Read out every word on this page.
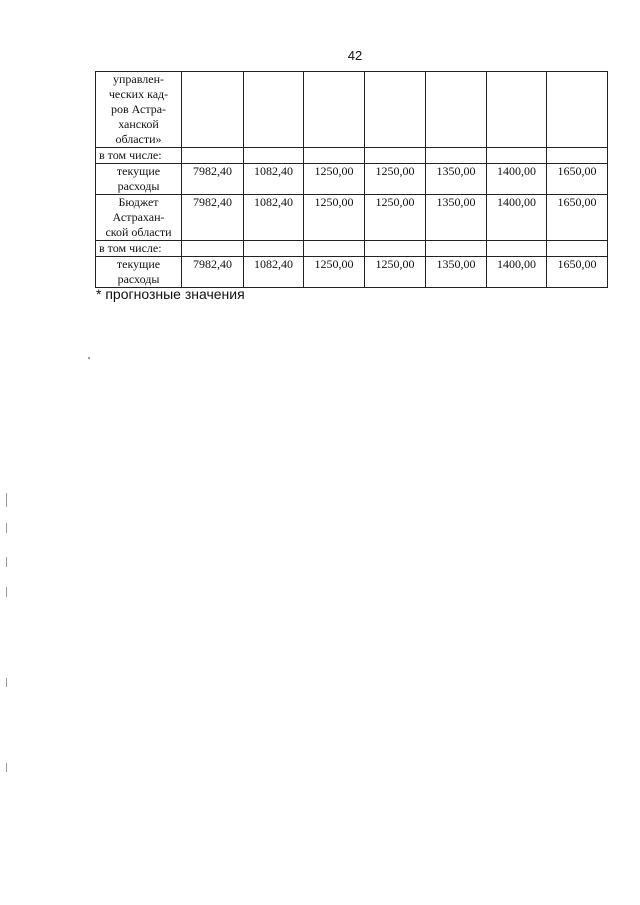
42
управлен-
ческих кад-
ров Астра-
ханской
области»							

в том числе:							

текущие
расходы	7982,40	1082,40	1250,00	1250,00	1350,00	1400,00	1650,00

Бюджет
Астрахан-
ской области	7982,40	1082,40	1250,00	1250,00	1350,00	1400,00	1650,00
в том числе:							

текущие
расходы	7982,40	1082,40	1250,00	1250,00	1350,00	1400,00	1650,00
* прогнозные значения
